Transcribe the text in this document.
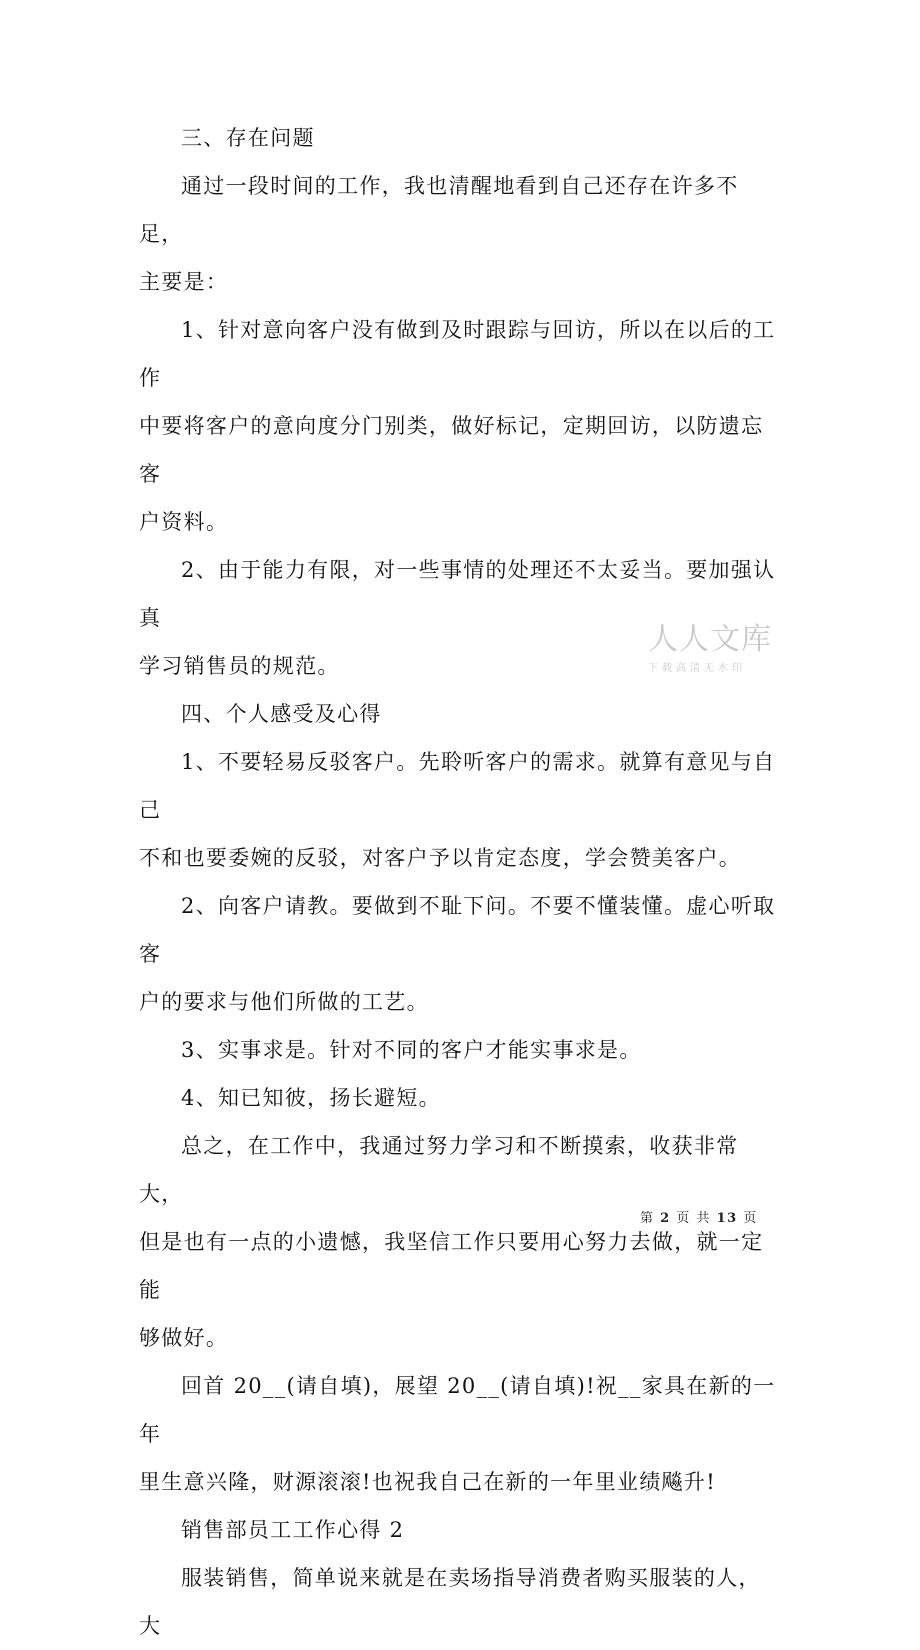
三、存在问题

通过一段时间的工作，我也清醒地看到自己还存在许多不足，
主要是：

1、针对意向客户没有做到及时跟踪与回访，所以在以后的工作
中要将客户的意向度分门别类，做好标记，定期回访，以防遗忘客
户资料。

2、由于能力有限，对一些事情的处理还不太妥当。要加强认真
学习销售员的规范。

四、个人感受及心得

1、不要轻易反驳客户。先聆听客户的需求。就算有意见与自己
不和也要委婉的反驳，对客户予以肯定态度，学会赞美客户。

2、向客户请教。要做到不耻下问。不要不懂装懂。虚心听取客
户的要求与他们所做的工艺。

3、实事求是。针对不同的客户才能实事求是。

4、知已知彼，扬长避短。

总之，在工作中，我通过努力学习和不断摸索，收获非常大，
但是也有一点的小遗憾，我坚信工作只要用心努力去做，就一定能
够做好。

回首 20__(请自填)，展望 20__(请自填)!祝__家具在新的一年
里生意兴隆，财源滚滚!也祝我自己在新的一年里业绩飚升!

销售部员工工作心得 2

服装销售，简单说来就是在卖场指导消费者购买服装的人，大

人人文库
下载高清无水印
第 2 页 共 13 页
